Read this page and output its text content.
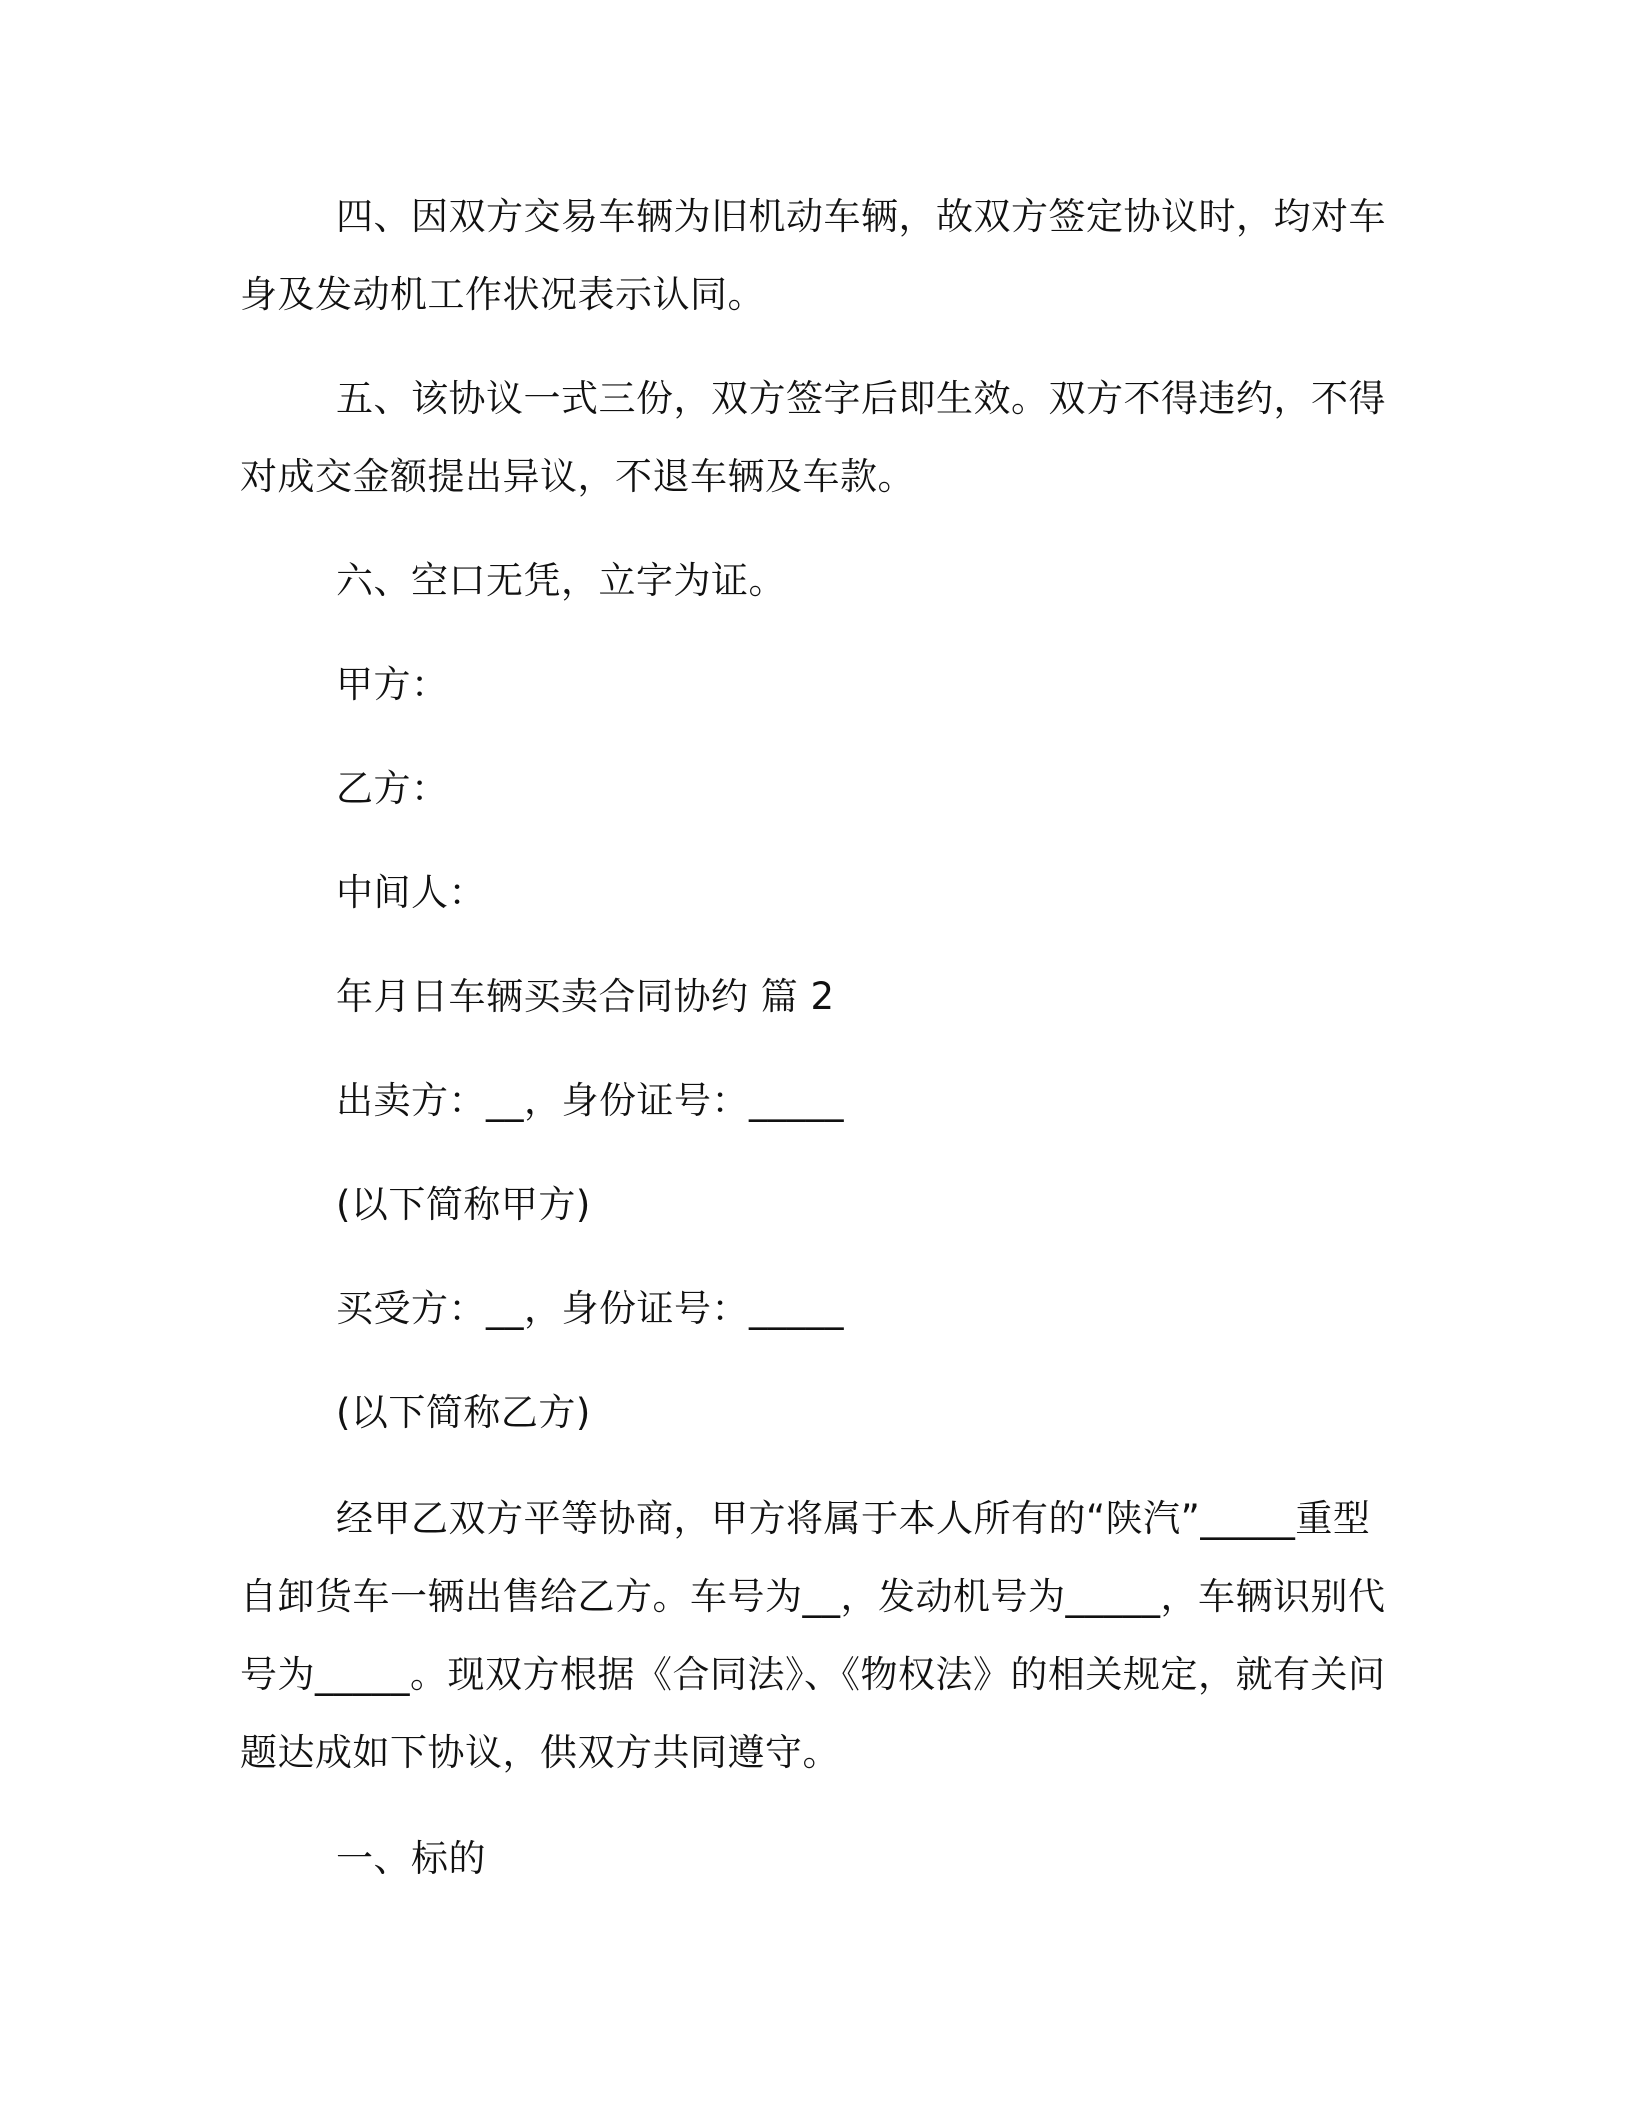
四、因双方交易车辆为旧机动车辆，故双方签定协议时，均对车身及发动机工作状况表示认同。

五、该协议一式三份，双方签字后即生效。双方不得违约，不得对成交金额提出异议，不退车辆及车款。

六、空口无凭，立字为证。

甲方：

乙方：

中间人：

年月日车辆买卖合同协约 篇 2

出卖方：__，身份证号：_____

(以下简称甲方)

买受方：__，身份证号：_____

(以下简称乙方)

经甲乙双方平等协商，甲方将属于本人所有的“陕汽”_____重型自卸货车一辆出售给乙方。车号为__，发动机号为_____，车辆识别代号为_____。现双方根据《合同法》、《物权法》的相关规定，就有关问题达成如下协议，供双方共同遵守。

一、标的
